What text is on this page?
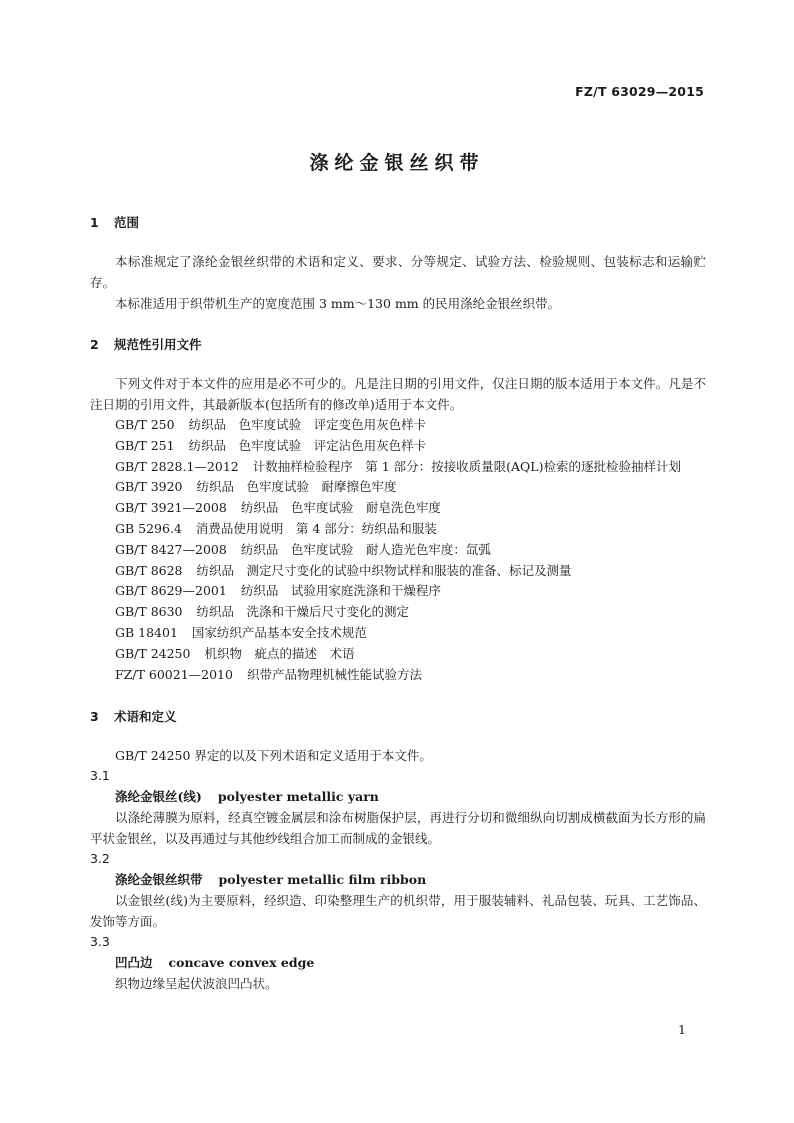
FZ/T 63029—2015
涤纶金银丝织带
1 范围
本标准规定了涤纶金银丝织带的术语和定义、要求、分等规定、试验方法、检验规则、包装标志和运输贮存。
本标准适用于织带机生产的宽度范围 3 mm～130 mm 的民用涤纶金银丝织带。
2 规范性引用文件
下列文件对于本文件的应用是必不可少的。凡是注日期的引用文件，仅注日期的版本适用于本文件。凡是不注日期的引用文件，其最新版本(包括所有的修改单)适用于本文件。
GB/T 250 纺织品　色牢度试验　评定变色用灰色样卡
GB/T 251 纺织品　色牢度试验　评定沾色用灰色样卡
GB/T 2828.1—2012 计数抽样检验程序　第 1 部分：按接收质量限(AQL)检索的逐批检验抽样计划
GB/T 3920 纺织品　色牢度试验　耐摩擦色牢度
GB/T 3921—2008 纺织品　色牢度试验　耐皂洗色牢度
GB 5296.4 消费品使用说明　第 4 部分：纺织品和服装
GB/T 8427—2008 纺织品　色牢度试验　耐人造光色牢度：氙弧
GB/T 8628 纺织品　测定尺寸变化的试验中织物试样和服装的准备、标记及测量
GB/T 8629—2001 纺织品　试验用家庭洗涤和干燥程序
GB/T 8630 纺织品　洗涤和干燥后尺寸变化的测定
GB 18401 国家纺织产品基本安全技术规范
GB/T 24250 机织物　疵点的描述　术语
FZ/T 60021—2010 织带产品物理机械性能试验方法
3 术语和定义
GB/T 24250 界定的以及下列术语和定义适用于本文件。
3.1
涤纶金银丝(线) polyester metallic yarn
以涤纶薄膜为原料，经真空镀金属层和涂布树脂保护层，再进行分切和微细纵向切割成横截面为长方形的扁平状金银丝，以及再通过与其他纱线组合加工而制成的金银线。
3.2
涤纶金银丝织带 polyester metallic film ribbon
以金银丝(线)为主要原料，经织造、印染整理生产的机织带，用于服装辅料、礼品包装、玩具、工艺饰品、发饰等方面。
3.3
凹凸边 concave convex edge
织物边缘呈起伏波浪凹凸状。
1
